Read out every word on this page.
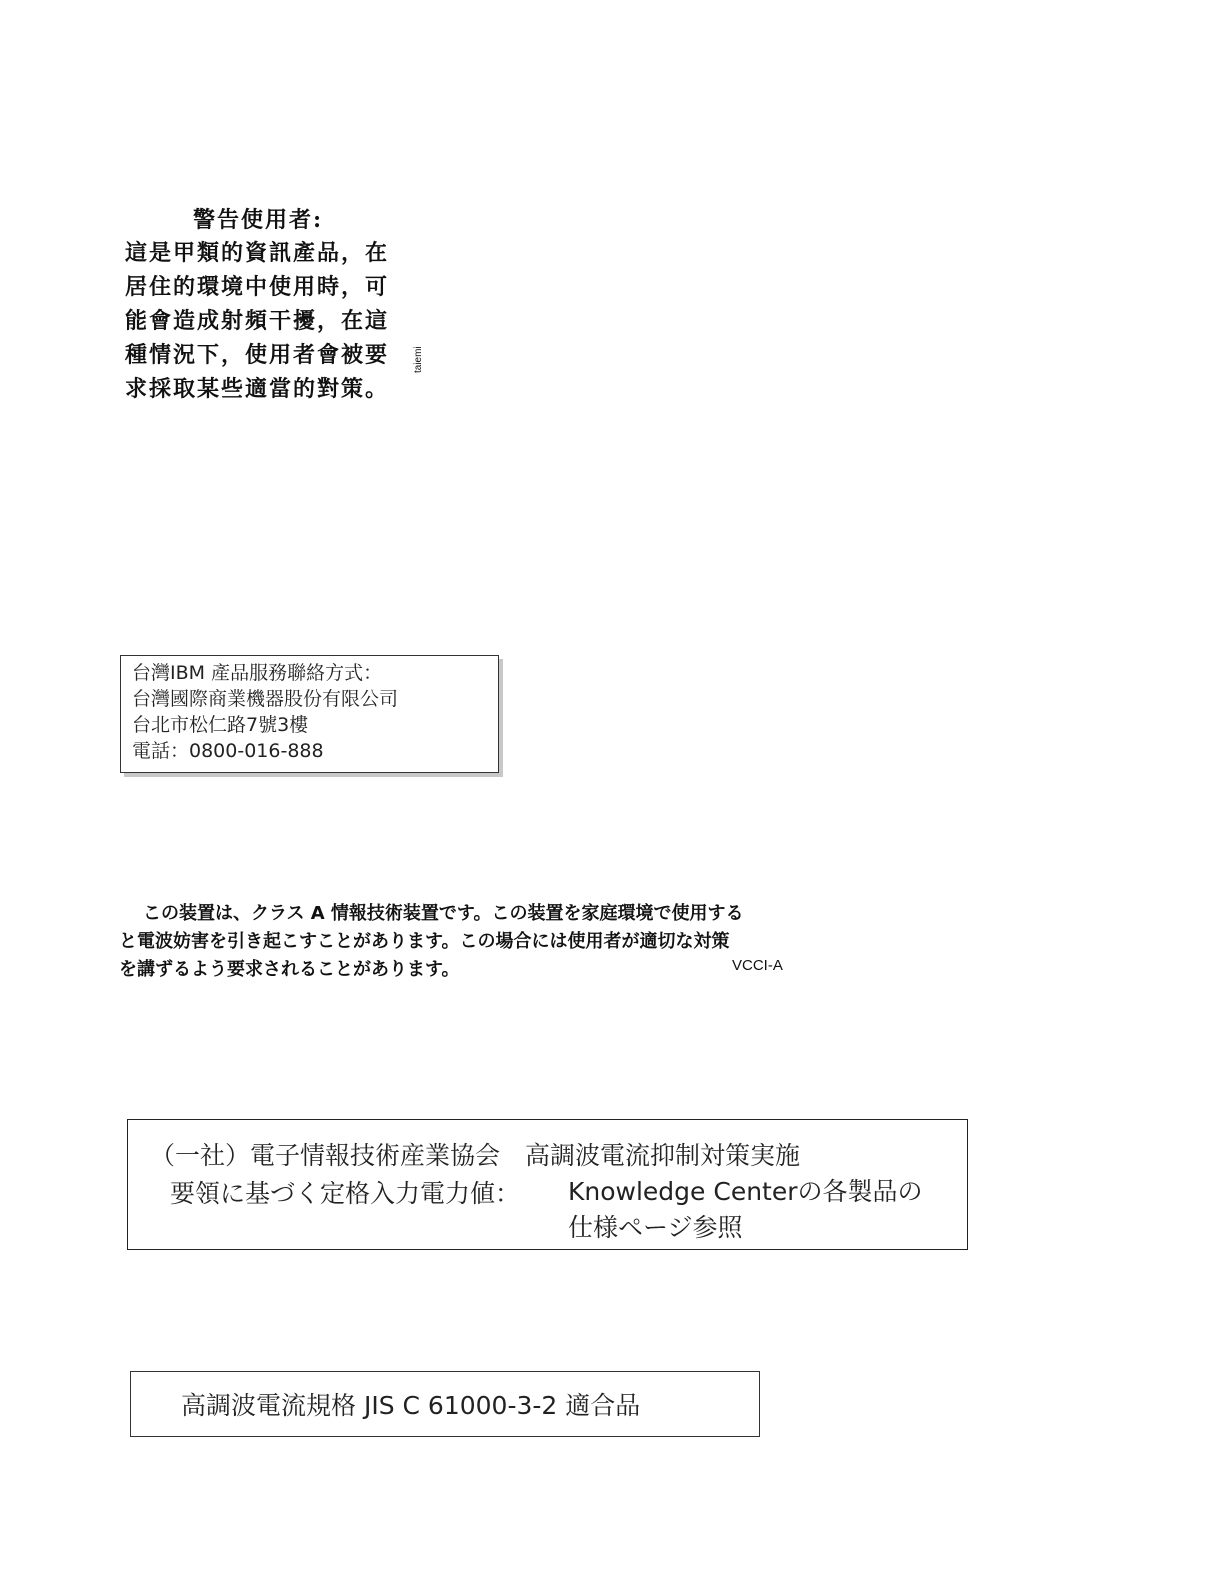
警告使用者:
這是甲類的資訊產品，在
居住的環境中使用時，可
能會造成射頻干擾，在這
種情況下，使用者會被要
求採取某些適當的對策。
taiemi
台灣IBM 產品服務聯絡方式：
台灣國際商業機器股份有限公司
台北市松仁路7號3樓
電話：0800-016-888
この装置は、クラス A 情報技術装置です。この装置を家庭環境で使用する
と電波妨害を引き起こすことがあります。この場合には使用者が適切な対策
を講ずるよう要求されることがあります。	VCCI-A
（一社）電子情報技術産業協会　高調波電流抑制対策実施
要領に基づく定格入力電力値： Knowledge Centerの各製品の
仕様ページ参照
高調波電流規格 JIS C 61000-3-2 適合品
